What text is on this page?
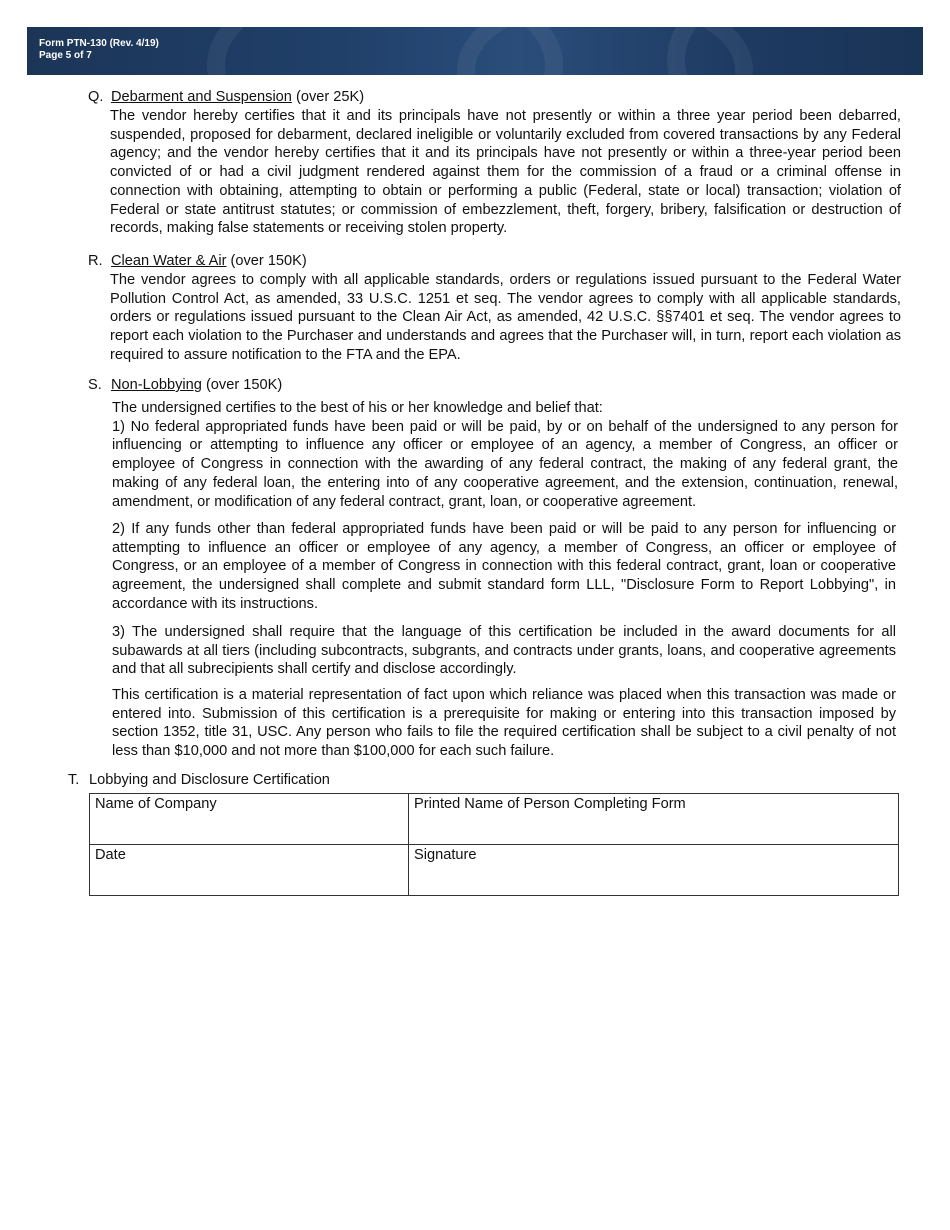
Form PTN-130 (Rev. 4/19)
Page 5 of 7
Q. Debarment and Suspension (over 25K)

The vendor hereby certifies that it and its principals have not presently or within a three year period been debarred, suspended, proposed for debarment, declared ineligible or voluntarily excluded from covered transactions by any Federal agency; and the vendor hereby certifies that it and its principals have not presently or within a three-year period been convicted of or had a civil judgment rendered against them for the commission of a fraud or a criminal offense in connection with obtaining, attempting to obtain or performing a public (Federal, state or local) transaction; violation of Federal or state antitrust statutes; or commission of embezzlement, theft, forgery, bribery, falsification or destruction of records, making false statements or receiving stolen property.

R. Clean Water & Air (over 150K)

The vendor agrees to comply with all applicable standards, orders or regulations issued pursuant to the Federal Water Pollution Control Act, as amended, 33 U.S.C. 1251 et seq. The vendor agrees to comply with all applicable standards, orders or regulations issued pursuant to the Clean Air Act, as amended, 42 U.S.C. §§7401 et seq. The vendor agrees to report each violation to the Purchaser and understands and agrees that the Purchaser will, in turn, report each violation as required to assure notification to the FTA and the EPA.

S. Non-Lobbying (over 150K)

The undersigned certifies to the best of his or her knowledge and belief that:

1) No federal appropriated funds have been paid or will be paid, by or on behalf of the undersigned to any person for influencing or attempting to influence any officer or employee of an agency, a member of Congress, an officer or employee of Congress in connection with the awarding of any federal contract, the making of any federal grant, the making of any federal loan, the entering into of any cooperative agreement, and the extension, continuation, renewal, amendment, or modification of any federal contract, grant, loan, or cooperative agreement.

2) If any funds other than federal appropriated funds have been paid or will be paid to any person for influencing or attempting to influence an officer or employee of any agency, a member of Congress, an officer or employee of Congress, or an employee of a member of Congress in connection with this federal contract, grant, loan or cooperative agreement, the undersigned shall complete and submit standard form LLL, "Disclosure Form to Report Lobbying", in accordance with its instructions.

3) The undersigned shall require that the language of this certification be included in the award documents for all subawards at all tiers (including subcontracts, subgrants, and contracts under grants, loans, and cooperative agreements and that all subrecipients shall certify and disclose accordingly.

This certification is a material representation of fact upon which reliance was placed when this transaction was made or entered into. Submission of this certification is a prerequisite for making or entering into this transaction imposed by section 1352, title 31, USC. Any person who fails to file the required certification shall be subject to a civil penalty of not less than $10,000 and not more than $100,000 for each such failure.

T. Lobbying and Disclosure Certification
Name of Company	Printed Name of Person Completing Form
Date	Signature
